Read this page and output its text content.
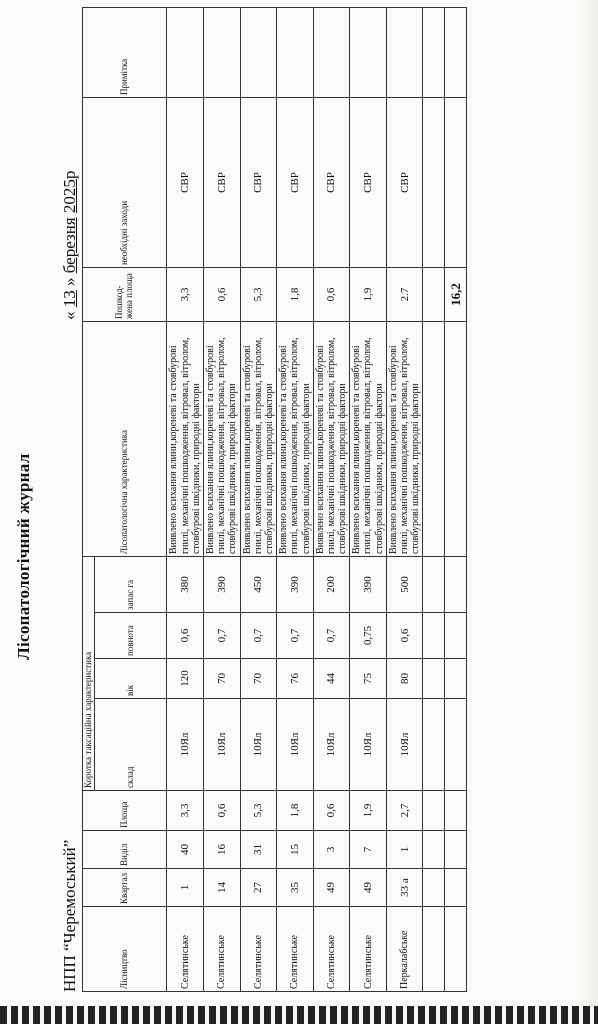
Лісопатологічний журнал
НПП “Черемоський”
« 13 » березня 2025р
Лісництво	Квартал	Виділ	Площа	Коротка таксаційна характеристика				Лісопатологічна характеристика	Пошкод- жена площа	необхідні заходи	Примітка
				склад	вік	повнота	запас га				
Селятинське	1	40	3,3	10Ял	120	0,6	380	Виявлено всихання ялини,кореневі та стовбурові гнилі, механічні пошкодження, вітровал, вітролом, стовбурові шкідники, природні фактори	3,3	СВР	
Селятинське	14	16	0,6	10Ял	70	0,7	390	Виявлено всихання ялини,кореневі та стовбурові гнилі, механічні пошкодження, вітровал, вітролом, стовбурові шкідники, природні фактори	0,6	СВР	
Селятинське	27	31	5,3	10Ял	70	0,7	450	Виявлено всихання ялини,кореневі та стовбурові гнилі, механічні пошкодження, вітровал, вітролом, стовбурові шкідники, природні фактори	5,3	СВР	
Селятинське	35	15	1,8	10Ял	76	0,7	390	Виявлено всихання ялини,кореневі та стовбурові гнилі, механічні пошкодження, вітровал, вітролом, стовбурові шкідники, природні фактори	1,8	СВР	
Селятинське	49	3	0,6	10Ял	44	0,7	200	Виявлено всихання ялини,кореневі та стовбурові гнилі, механічні пошкодження, вітровал, вітролом, стовбурові шкідники, природні фактори	0,6	СВР	
Селятинське	49	7	1,9	10Ял	75	0,75	390	Виявлено всихання ялини,кореневі та стовбурові гнилі, механічні пошкодження, вітровал, вітролом, стовбурові шкідники, природні фактори	1,9	СВР	
Перкалабське	33 а	1	2,7	10Ял	80	0,6	500	Виявлено всихання ялини,кореневі та стовбурові гнилі, механічні пошкодження, вітровал, вітролом, стовбурові шкідники, природні фактори	2.7	СВР	

									16,2		
